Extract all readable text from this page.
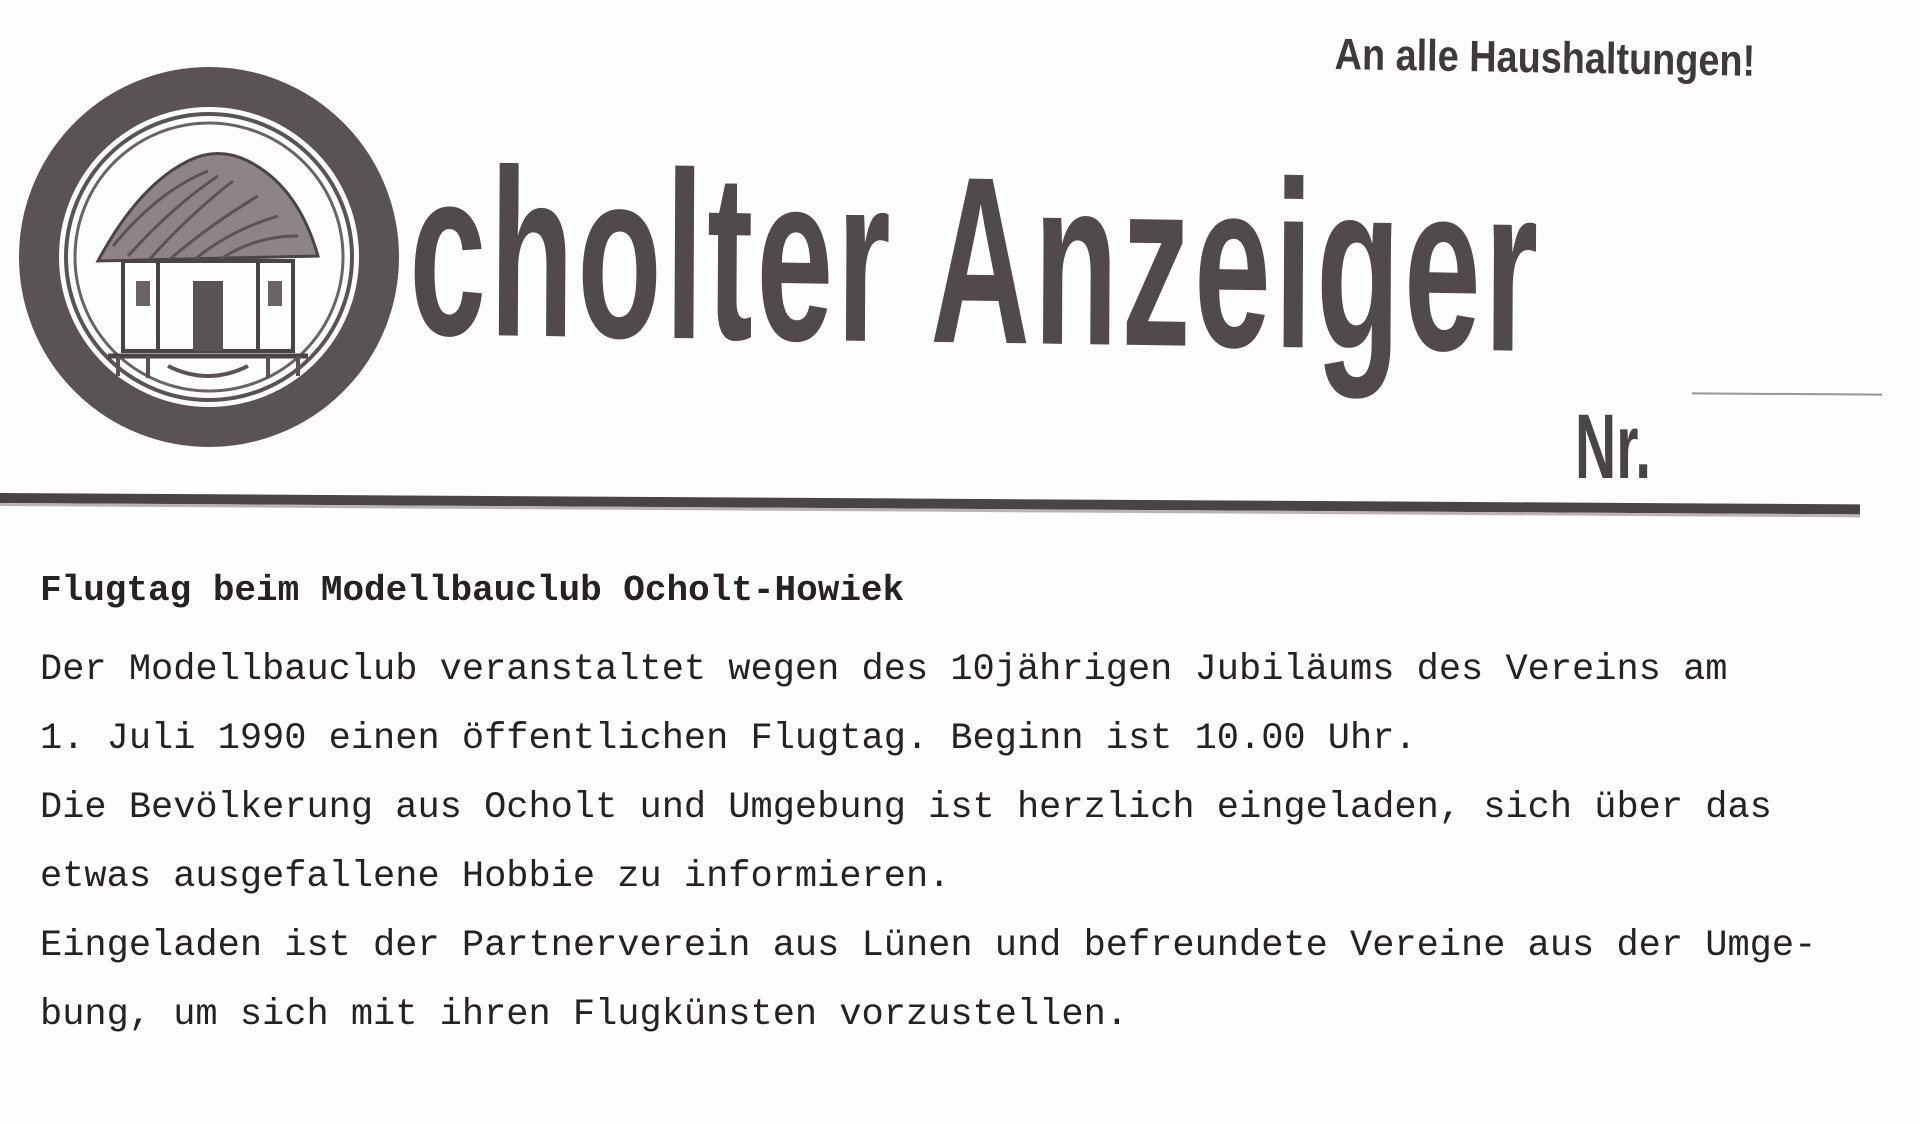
An alle Haushaltungen!
cholter Anzeiger
Nr.
Flugtag beim Modellbauclub Ocholt-Howiek

Der Modellbauclub veranstaltet wegen des 10jährigen Jubiläums des Vereins am

1. Juli 1990 einen öffentlichen Flugtag. Beginn ist 10.00 Uhr.

Die Bevölkerung aus Ocholt und Umgebung ist herzlich eingeladen, sich über das

etwas ausgefallene Hobbie zu informieren.

Eingeladen ist der Partnerverein aus Lünen und befreundete Vereine aus der Umge-

bung, um sich mit ihren Flugkünsten vorzustellen.
